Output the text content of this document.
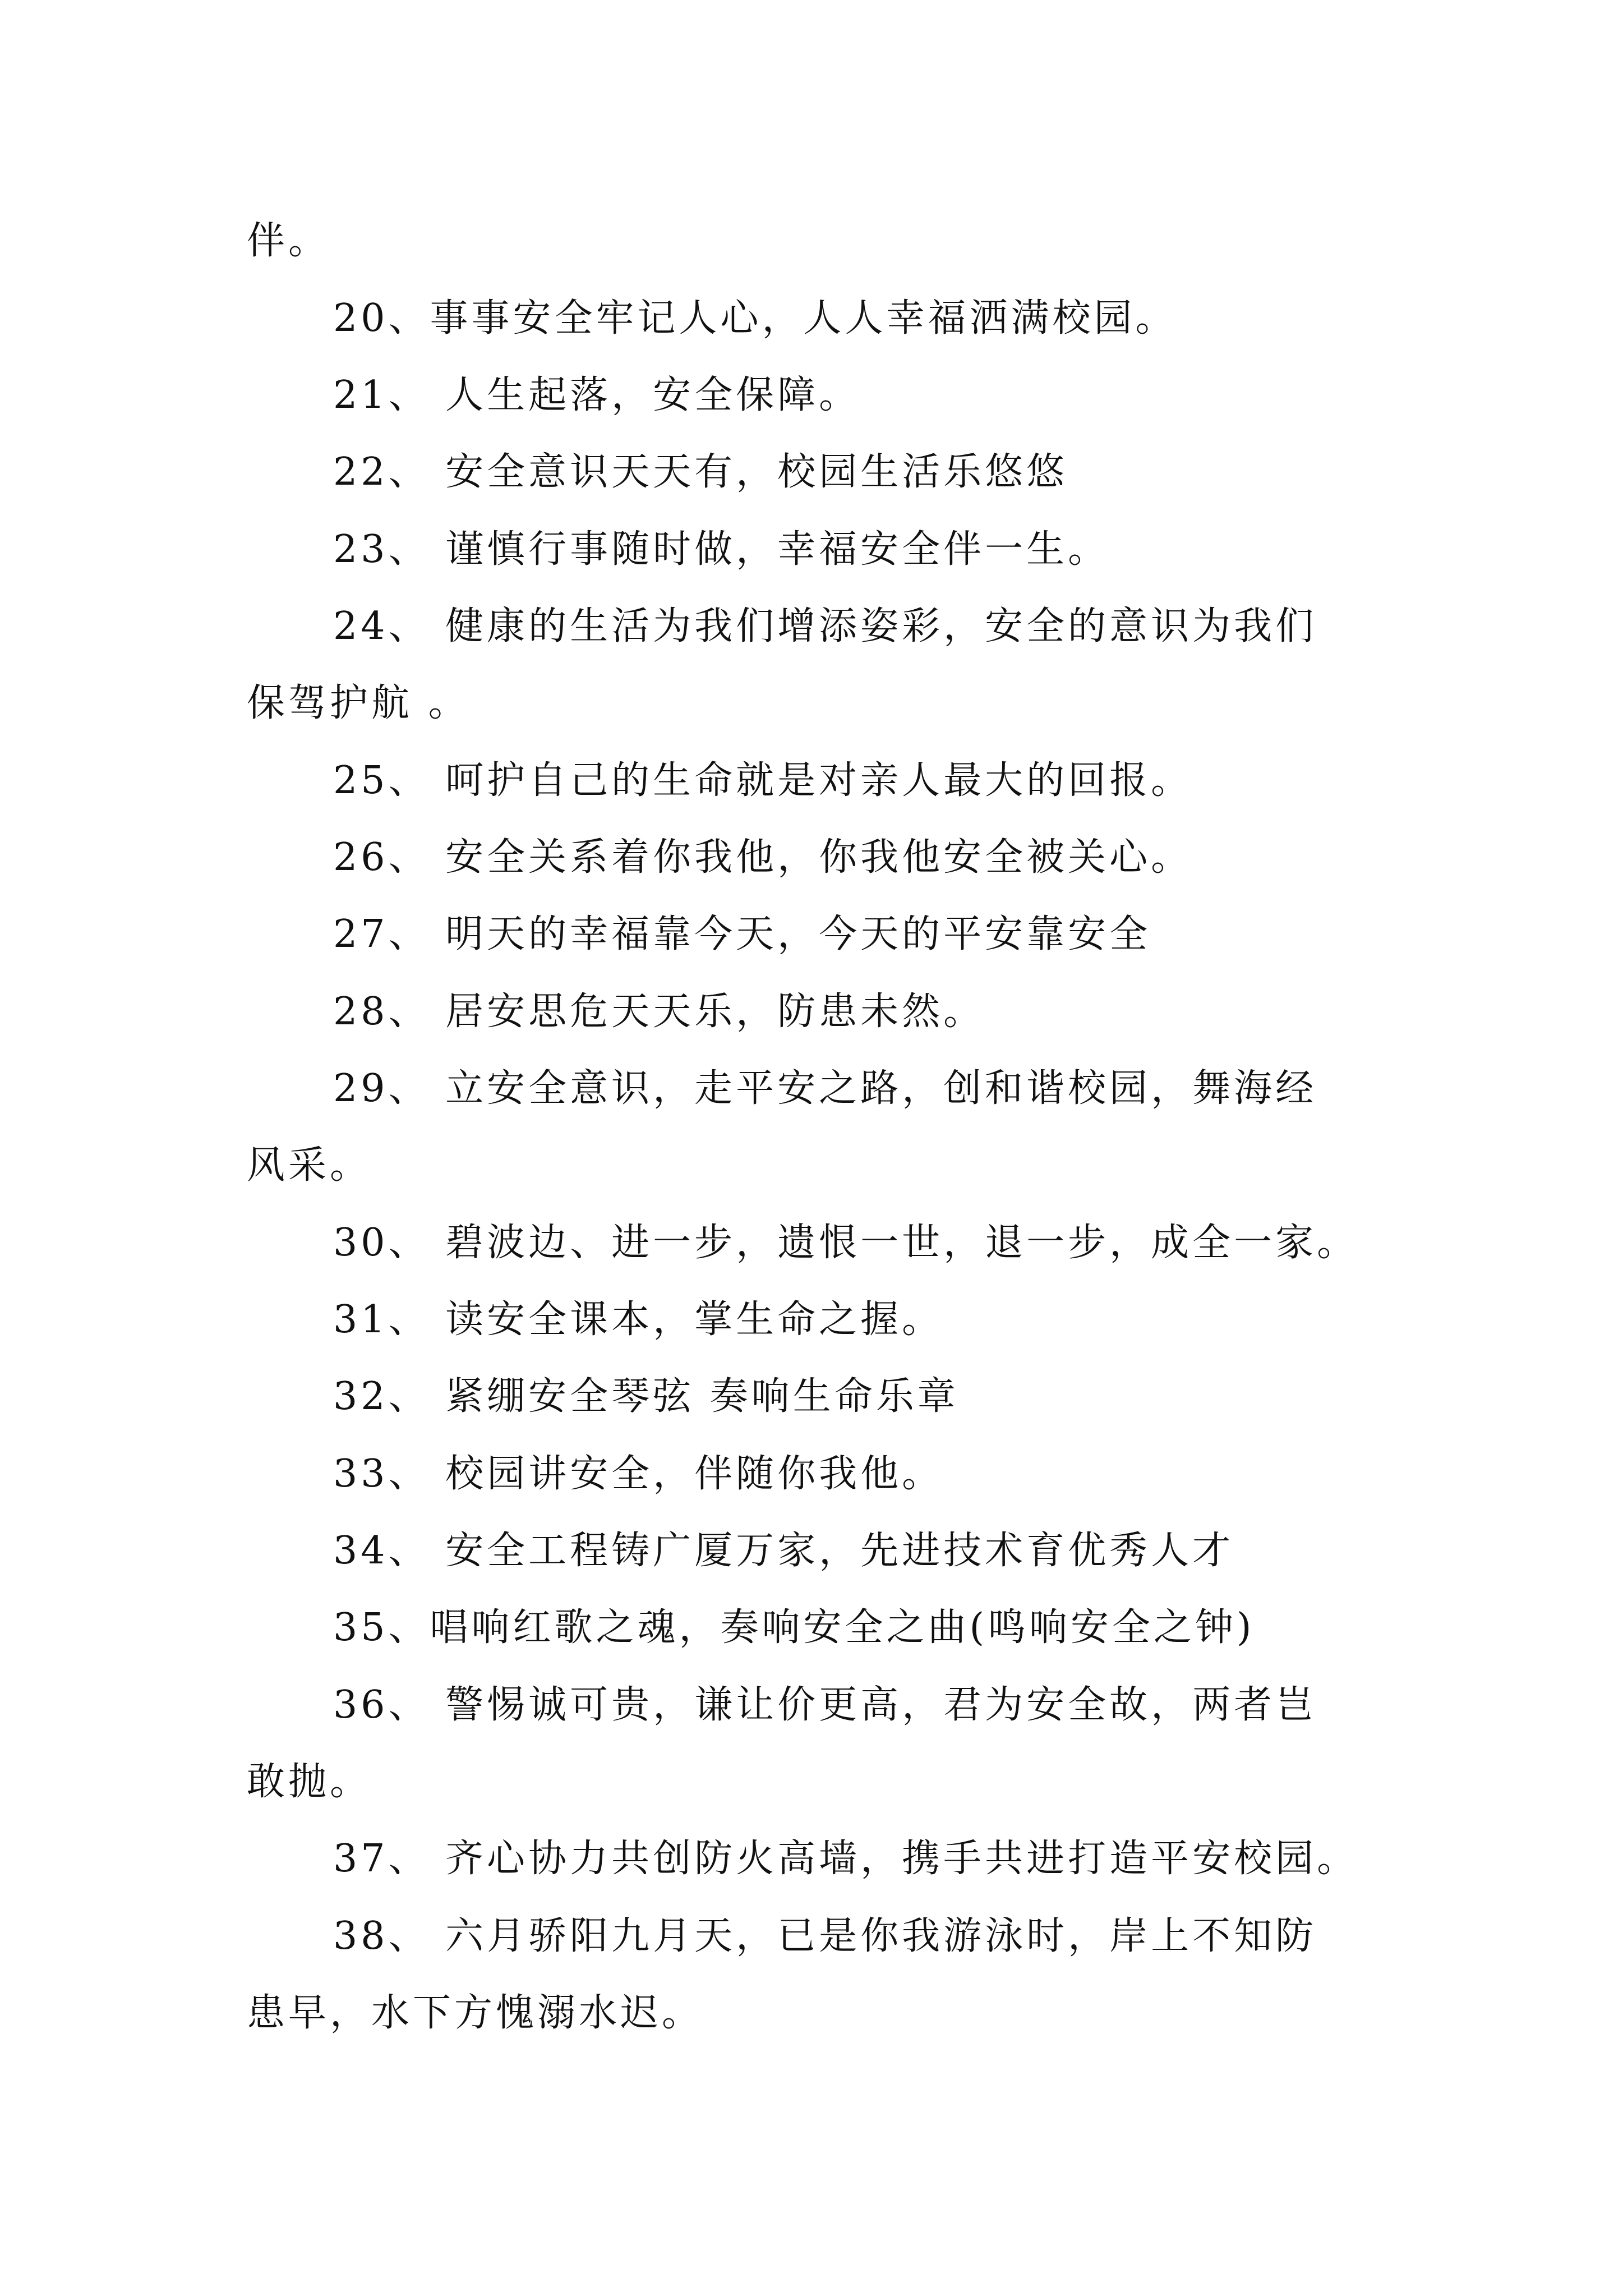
伴。
20、事事安全牢记人心，人人幸福洒满校园。
21、 人生起落，安全保障。
22、 安全意识天天有，校园生活乐悠悠
23、 谨慎行事随时做，幸福安全伴一生。
24、 健康的生活为我们增添姿彩，安全的意识为我们
保驾护航 。
25、 呵护自己的生命就是对亲人最大的回报。
26、 安全关系着你我他，你我他安全被关心。
27、 明天的幸福靠今天，今天的平安靠安全
28、 居安思危天天乐，防患未然。
29、 立安全意识，走平安之路，创和谐校园，舞海经
风采。
30、 碧波边、进一步，遗恨一世，退一步，成全一家。
31、 读安全课本，掌生命之握。
32、 紧绷安全琴弦 奏响生命乐章
33、 校园讲安全，伴随你我他。
34、 安全工程铸广厦万家，先进技术育优秀人才
35、唱响红歌之魂，奏响安全之曲(鸣响安全之钟)
36、 警惕诚可贵，谦让价更高，君为安全故，两者岂
敢抛。
37、 齐心协力共创防火高墙，携手共进打造平安校园。
38、 六月骄阳九月天，已是你我游泳时，岸上不知防
患早，水下方愧溺水迟。
